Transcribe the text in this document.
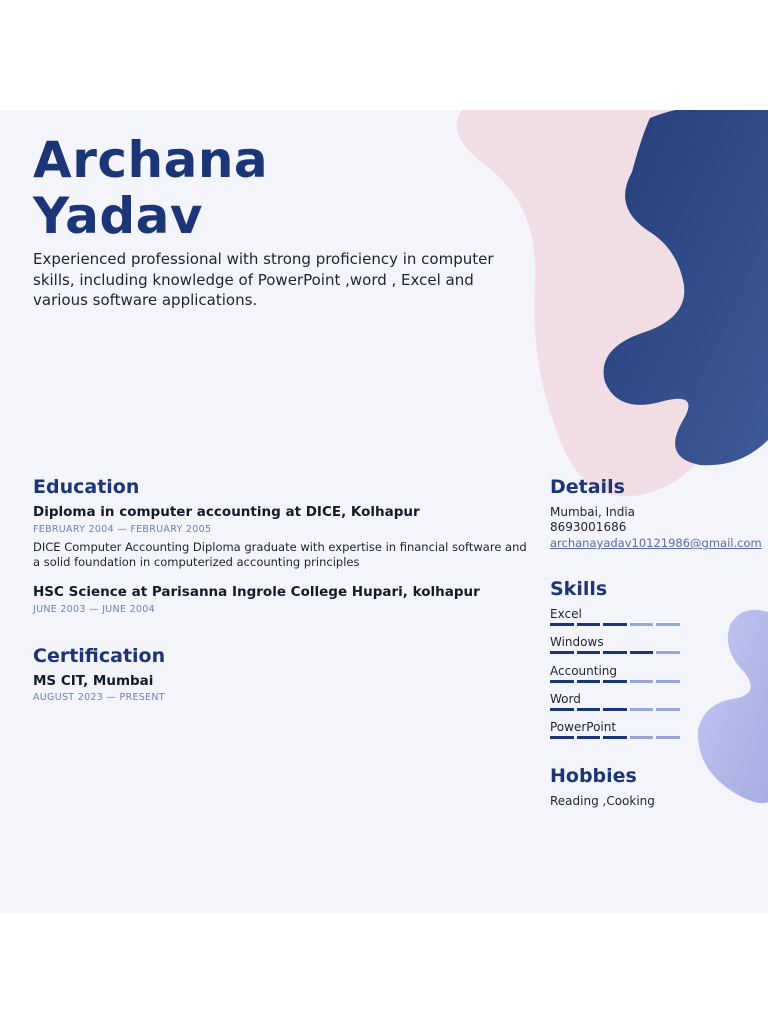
Archana
Yadav

Experienced professional with strong proficiency in computer skills, including knowledge of PowerPoint ,word , Excel and various software applications.

Education

Diploma in computer accounting at DICE, Kolhapur

FEBRUARY 2004 — FEBRUARY 2005

DICE Computer Accounting Diploma graduate with expertise in financial software and a solid foundation in computerized accounting principles

HSC Science at Parisanna Ingrole College Hupari, kolhapur

JUNE 2003 — JUNE 2004

Certification

MS CIT, Mumbai

AUGUST 2023 — PRESENT

Details

Mumbai, India

8693001686

archanayadav10121986@gmail.com

Skills

Excel

Windows

Accounting

Word

PowerPoint

Hobbies

Reading ,Cooking
